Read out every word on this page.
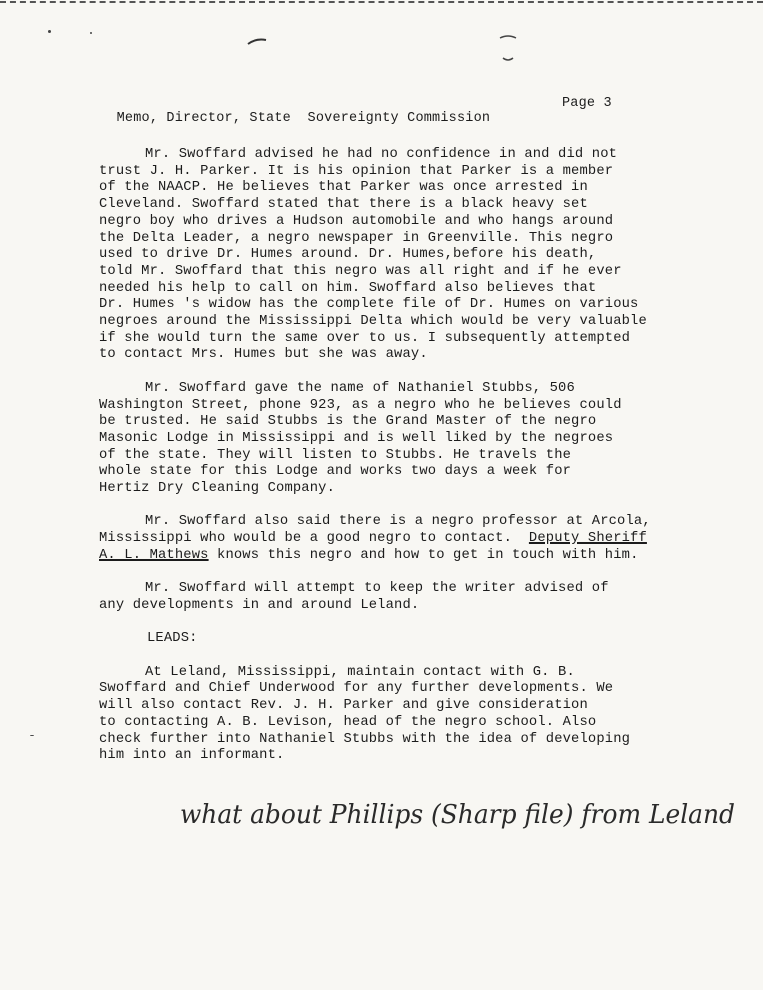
Memo, Director, State  Sovereignty Commission

Page 3

Mr. Swoffard advised he had no confidence in and did not
trust J. H. Parker. It is his opinion that Parker is a member
of the NAACP. He believes that Parker was once arrested in
Cleveland. Swoffard stated that there is a black heavy set
negro boy who drives a Hudson automobile and who hangs around
the Delta Leader, a negro newspaper in Greenville. This negro
used to drive Dr. Humes around. Dr. Humes,before his death,
told Mr. Swoffard that this negro was all right and if he ever
needed his help to call on him. Swoffard also believes that
Dr. Humes 's widow has the complete file of Dr. Humes on various
negroes around the Mississippi Delta which would be very valuable
if she would turn the same over to us. I subsequently attempted
to contact Mrs. Humes but she was away.

Mr. Swoffard gave the name of Nathaniel Stubbs, 506
Washington Street, phone 923, as a negro who he believes could
be trusted. He said Stubbs is the Grand Master of the negro
Masonic Lodge in Mississippi and is well liked by the negroes
of the state. They will listen to Stubbs. He travels the
whole state for this Lodge and works two days a week for
Hertiz Dry Cleaning Company.

Mr. Swoffard also said there is a negro professor at Arcola,
Mississippi who would be a good negro to contact.  Deputy Sheriff
A. L. Mathews knows this negro and how to get in touch with him.

Mr. Swoffard will attempt to keep the writer advised of
any developments in and around Leland.

LEADS:

At Leland, Mississippi, maintain contact with G. B.
Swoffard and Chief Underwood for any further developments. We
will also contact Rev. J. H. Parker and give consideration
to contacting A. B. Levison, head of the negro school. Also
check further into Nathaniel Stubbs with the idea of developing
him into an informant.

what about Phillips (Sharp file) from Leland
